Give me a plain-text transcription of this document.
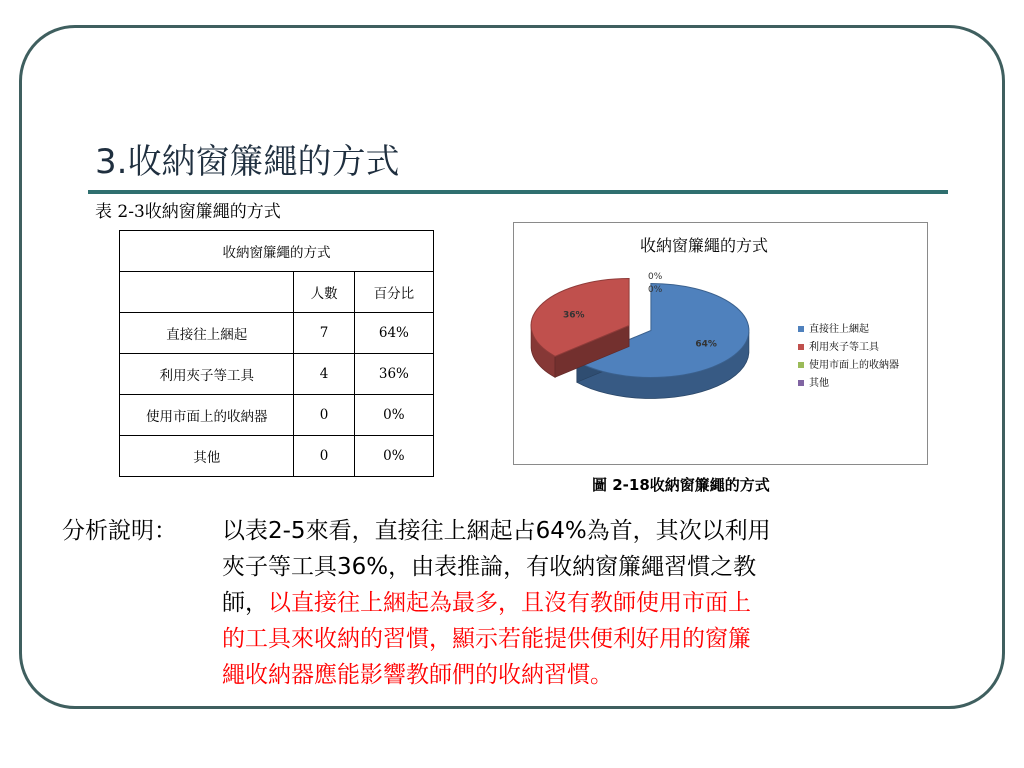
3.收納窗簾繩的方式
表 2-3收納窗簾繩的方式
收納窗簾繩的方式		
	人數	百分比
直接往上綑起	7	64%
利用夾子等工具	4	36%
使用市面上的收納器	0	0%
其他	0	0%
收納窗簾繩的方式
64%
36%
0%
0%
直接往上綑起
利用夾子等工具
使用市面上的收納器
其他
圖 2-18收納窗簾繩的方式
分析說明： 以表2-5來看，直接往上綑起占64%為首，其次以利用
夾子等工具36%，由表推論，有收納窗簾繩習慣之教
師，以直接往上綑起為最多，且沒有教師使用市面上
的工具來收納的習慣，顯示若能提供便利好用的窗簾
繩收納器應能影響教師們的收納習慣。
